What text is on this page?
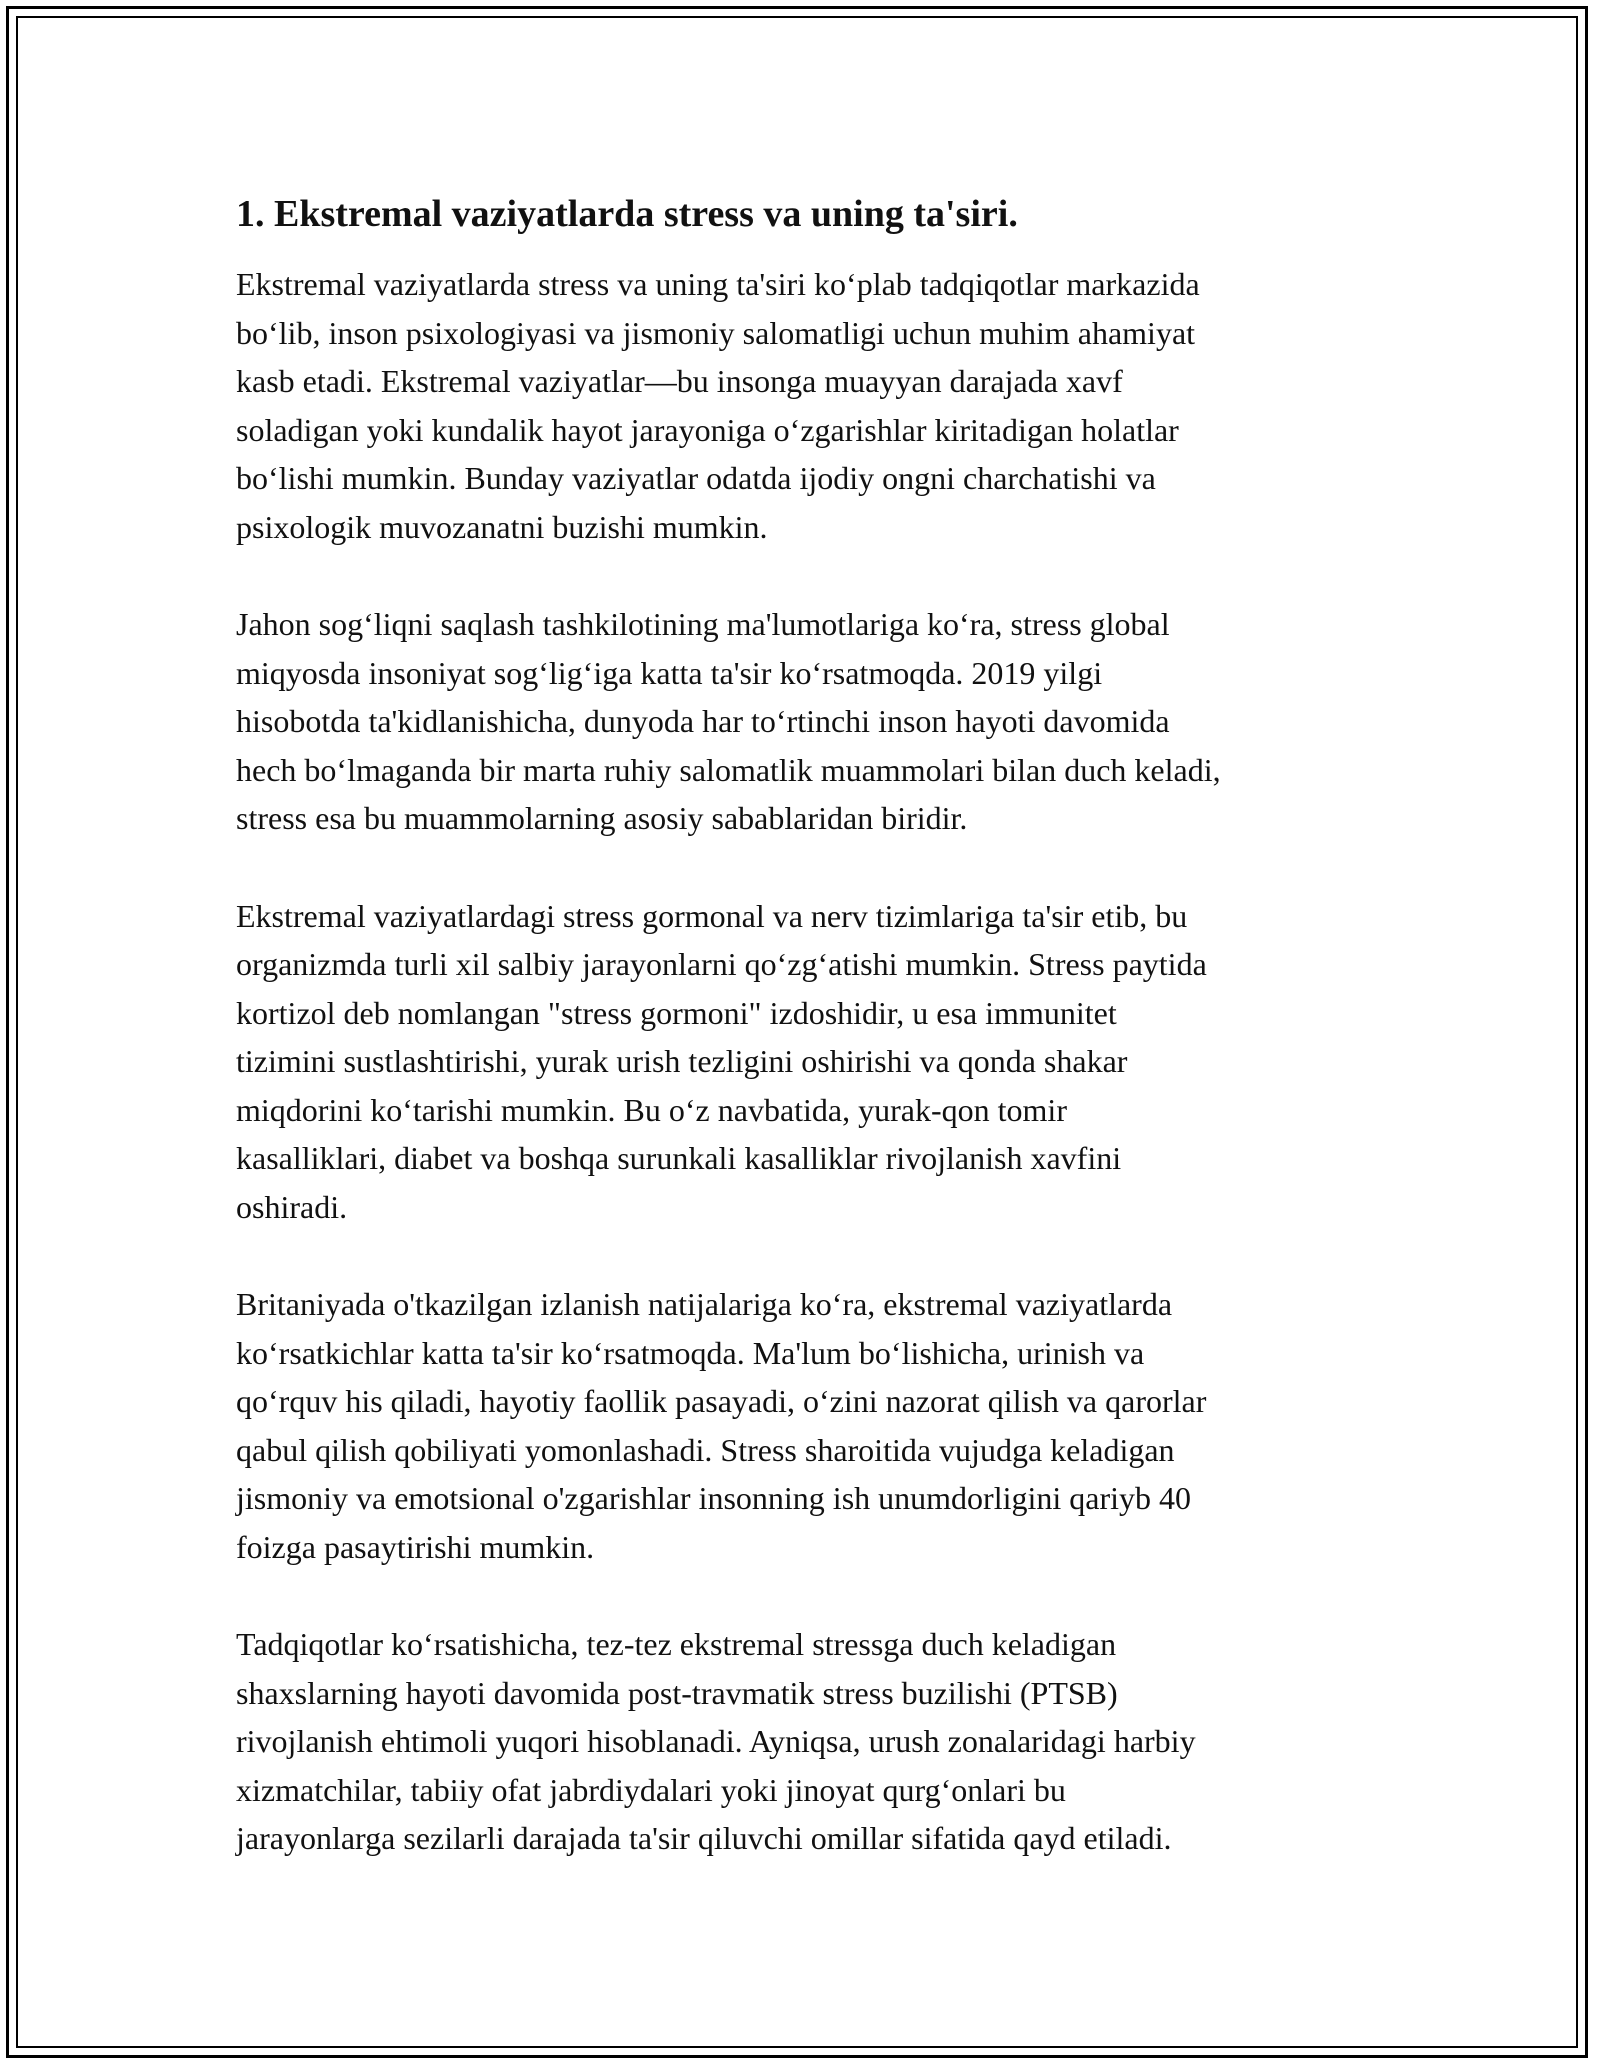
1. Ekstremal vaziyatlarda stress va uning ta'siri.

Ekstremal vaziyatlarda stress va uning ta'siri ko‘plab tadqiqotlar markazida
bo‘lib, inson psixologiyasi va jismoniy salomatligi uchun muhim ahamiyat
kasb etadi. Ekstremal vaziyatlar—bu insonga muayyan darajada xavf
soladigan yoki kundalik hayot jarayoniga o‘zgarishlar kiritadigan holatlar
bo‘lishi mumkin. Bunday vaziyatlar odatda ijodiy ongni charchatishi va
psixologik muvozanatni buzishi mumkin.

Jahon sog‘liqni saqlash tashkilotining ma'lumotlariga ko‘ra, stress global
miqyosda insoniyat sog‘lig‘iga katta ta'sir ko‘rsatmoqda. 2019 yilgi
hisobotda ta'kidlanishicha, dunyoda har to‘rtinchi inson hayoti davomida
hech bo‘lmaganda bir marta ruhiy salomatlik muammolari bilan duch keladi,
stress esa bu muammolarning asosiy sabablaridan biridir.

Ekstremal vaziyatlardagi stress gormonal va nerv tizimlariga ta'sir etib, bu
organizmda turli xil salbiy jarayonlarni qo‘zg‘atishi mumkin. Stress paytida
kortizol deb nomlangan "stress gormoni" izdoshidir, u esa immunitet
tizimini sustlashtirishi, yurak urish tezligini oshirishi va qonda shakar
miqdorini ko‘tarishi mumkin. Bu o‘z navbatida, yurak-qon tomir
kasalliklari, diabet va boshqa surunkali kasalliklar rivojlanish xavfini
oshiradi.

Britaniyada o'tkazilgan izlanish natijalariga ko‘ra, ekstremal vaziyatlarda
ko‘rsatkichlar katta ta'sir ko‘rsatmoqda. Ma'lum bo‘lishicha, urinish va
qo‘rquv his qiladi, hayotiy faollik pasayadi, o‘zini nazorat qilish va qarorlar
qabul qilish qobiliyati yomonlashadi. Stress sharoitida vujudga keladigan
jismoniy va emotsional o'zgarishlar insonning ish unumdorligini qariyb 40
foizga pasaytirishi mumkin.

Tadqiqotlar ko‘rsatishicha, tez-tez ekstremal stressga duch keladigan
shaxslarning hayoti davomida post-travmatik stress buzilishi (PTSB)
rivojlanish ehtimoli yuqori hisoblanadi. Ayniqsa, urush zonalaridagi harbiy
xizmatchilar, tabiiy ofat jabrdiydalari yoki jinoyat qurg‘onlari bu
jarayonlarga sezilarli darajada ta'sir qiluvchi omillar sifatida qayd etiladi.
